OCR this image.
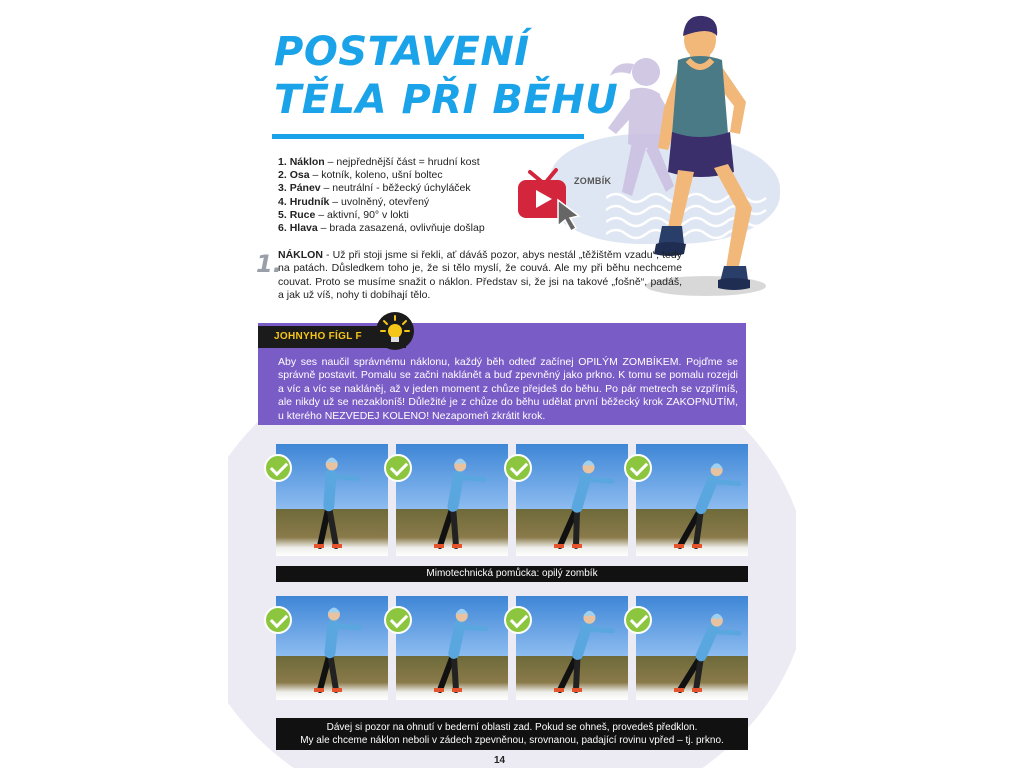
POSTAVENÍ
TĚLA PŘI BĚHU
1. Náklon – nejpřednější část = hrudní kost
2. Osa – kotník, koleno, ušní boltec
3. Pánev – neutrální - běžecký úchyláček
4. Hrudník – uvolněný, otevřený
5. Ruce – aktivní, 90° v lokti
6. Hlava – brada zasazená, ovlivňuje došlap
ZOMBÍK
1.
NÁKLON - Už při stoji jsme si řekli, ať dáváš pozor, abys nestál „těžištěm vzadu“, tedy na patách. Důsledkem toho je, že si tělo myslí, že couvá. Ale my při běhu nechceme couvat. Proto se musíme snažit o náklon. Představ si, že jsi na takové „fošně“, padáš, a jak už víš, nohy ti dobíhají tělo.
JOHNYHO FÍGL F
Aby ses naučil správnému náklonu, každý běh odteď začínej OPILÝM ZOMBÍKEM. Pojďme se správně postavit. Pomalu se začni naklánět a buď zpevněný jako prkno. K tomu se pomalu rozejdi a víc a víc se nakláněj, až v jeden moment z chůze přejdeš do běhu. Po pár metrech se vzpřímíš, ale nikdy už se nezakloníš! Důležité je z chůze do běhu udělat první běžecký krok ZAKOPNUTÍM, u kterého NEZVEDEJ KOLENO! Nezapomeň zkrátit krok.
Mimotechnická pomůcka: opilý zombík
Dávej si pozor na ohnutí v bederní oblasti zad. Pokud se ohneš, provedeš předklon.
My ale chceme náklon neboli v zádech zpevněnou, srovnanou, padající rovinu vpřed – tj. prkno.
14
